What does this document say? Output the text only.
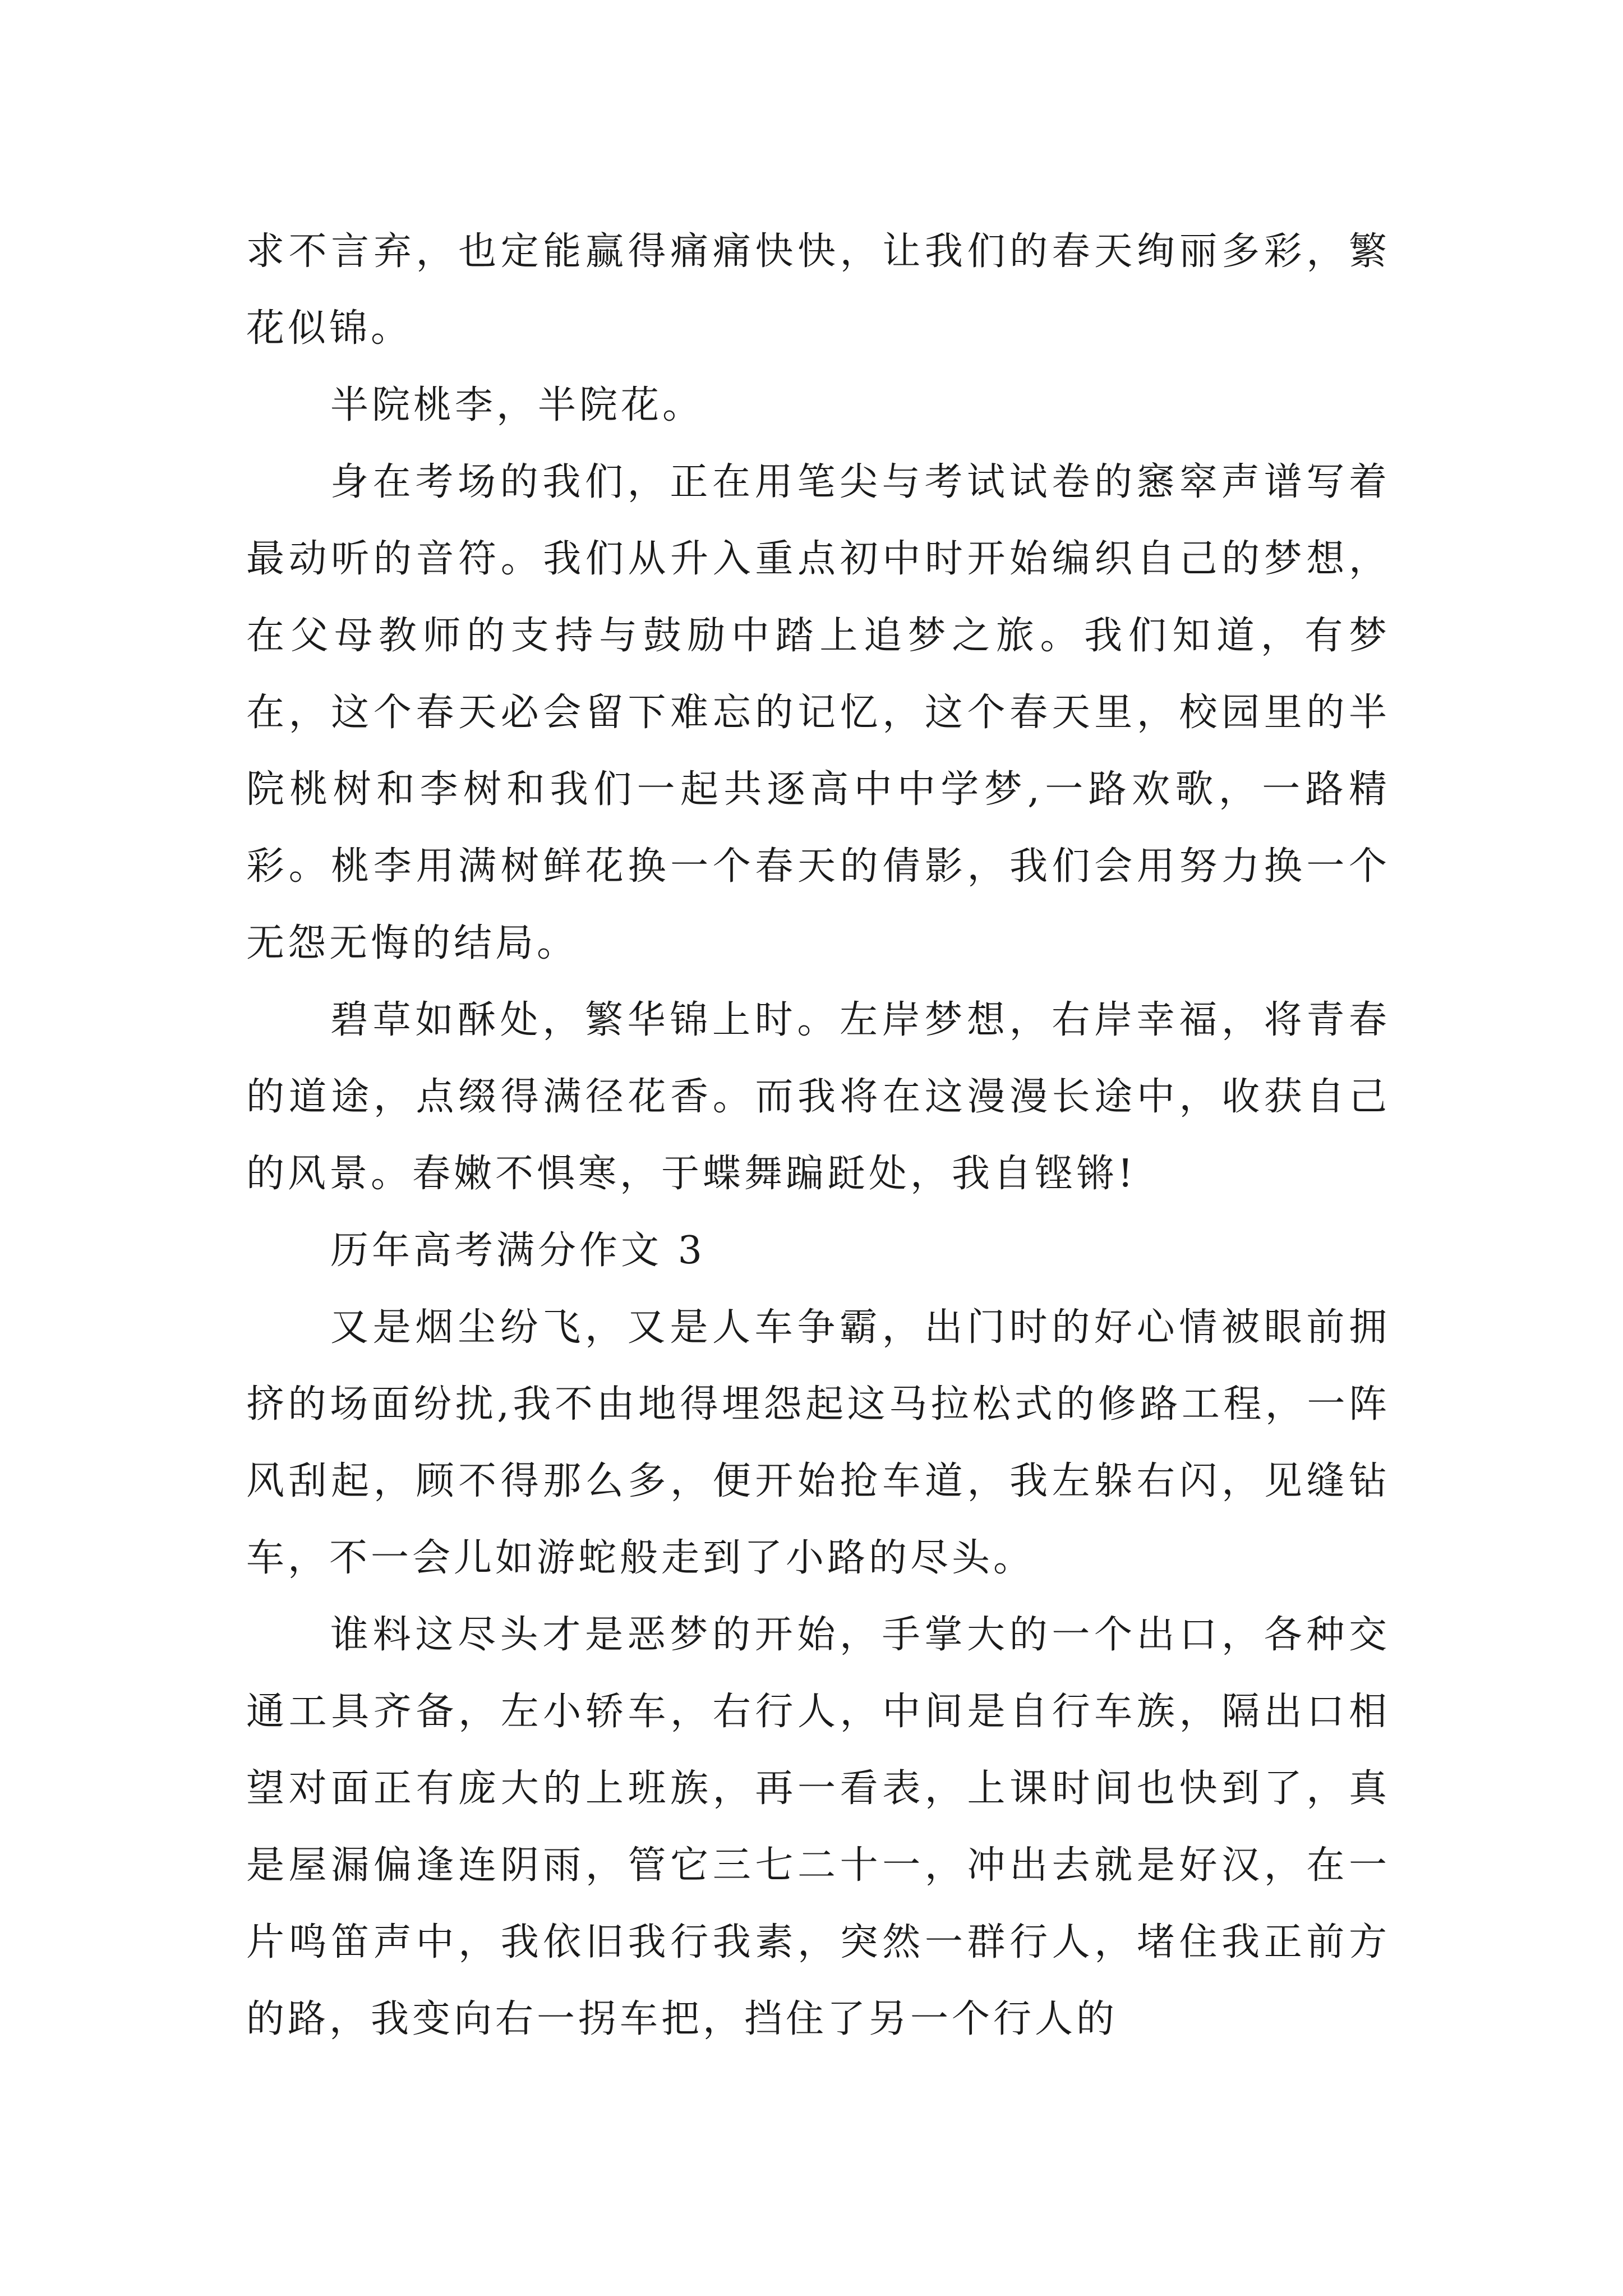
求不言弃，也定能赢得痛痛快快，让我们的春天绚丽多彩，繁花似锦。

半院桃李，半院花。

身在考场的我们，正在用笔尖与考试试卷的窸窣声谱写着最动听的音符。我们从升入重点初中时开始编织自己的梦想，在父母教师的支持与鼓励中踏上追梦之旅。我们知道，有梦在，这个春天必会留下难忘的记忆，这个春天里，校园里的半院桃树和李树和我们一起共逐高中中学梦,一路欢歌，一路精彩。桃李用满树鲜花换一个春天的倩影，我们会用努力换一个无怨无悔的结局。

碧草如酥处，繁华锦上时。左岸梦想，右岸幸福，将青春的道途，点缀得满径花香。而我将在这漫漫长途中，收获自己的风景。春嫩不惧寒，于蝶舞蹁跹处，我自铿锵!

历年高考满分作文 3

又是烟尘纷飞，又是人车争霸，出门时的好心情被眼前拥挤的场面纷扰,我不由地得埋怨起这马拉松式的修路工程，一阵风刮起，顾不得那么多，便开始抢车道，我左躲右闪，见缝钻车，不一会儿如游蛇般走到了小路的尽头。

谁料这尽头才是恶梦的开始，手掌大的一个出口，各种交通工具齐备，左小轿车，右行人，中间是自行车族，隔出口相望对面正有庞大的上班族，再一看表，上课时间也快到了，真是屋漏偏逢连阴雨，管它三七二十一，冲出去就是好汉，在一片鸣笛声中，我依旧我行我素，突然一群行人，堵住我正前方的路，我变向右一拐车把，挡住了另一个行人的
